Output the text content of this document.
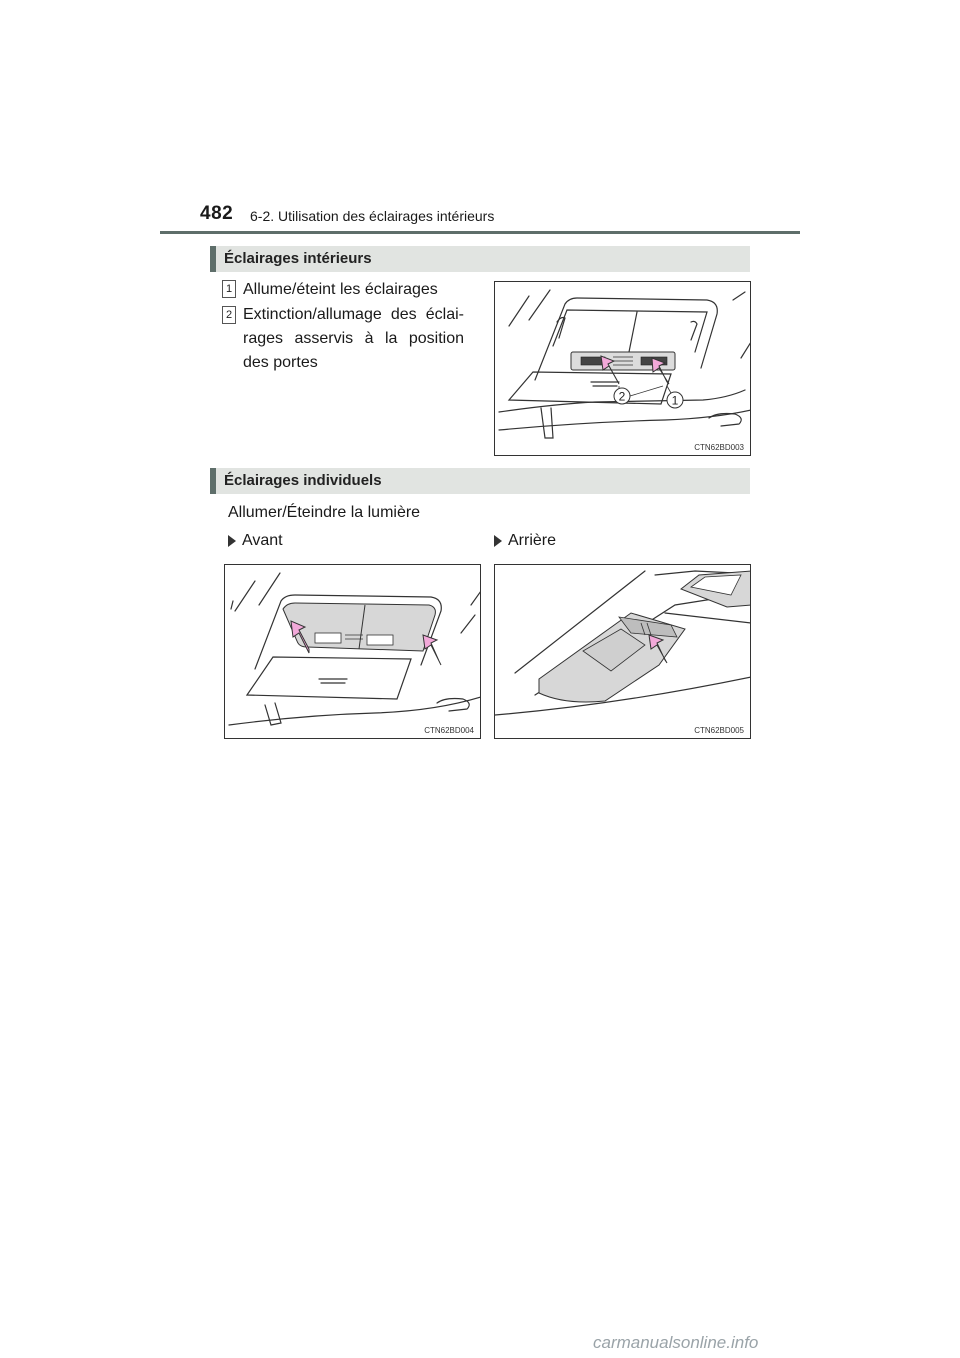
482 6-2. Utilisation des éclairages intérieurs
Éclairages intérieurs
1 Allume/éteint les éclairages
2 Extinction/allumage des éclai-rages asservis à la position des portes
2	1
CTN62BD003
Éclairages individuels
Allumer/Éteindre la lumière
Avant	Arrière
CTN62BD004	CTN62BD005
carmanualsonline.info
